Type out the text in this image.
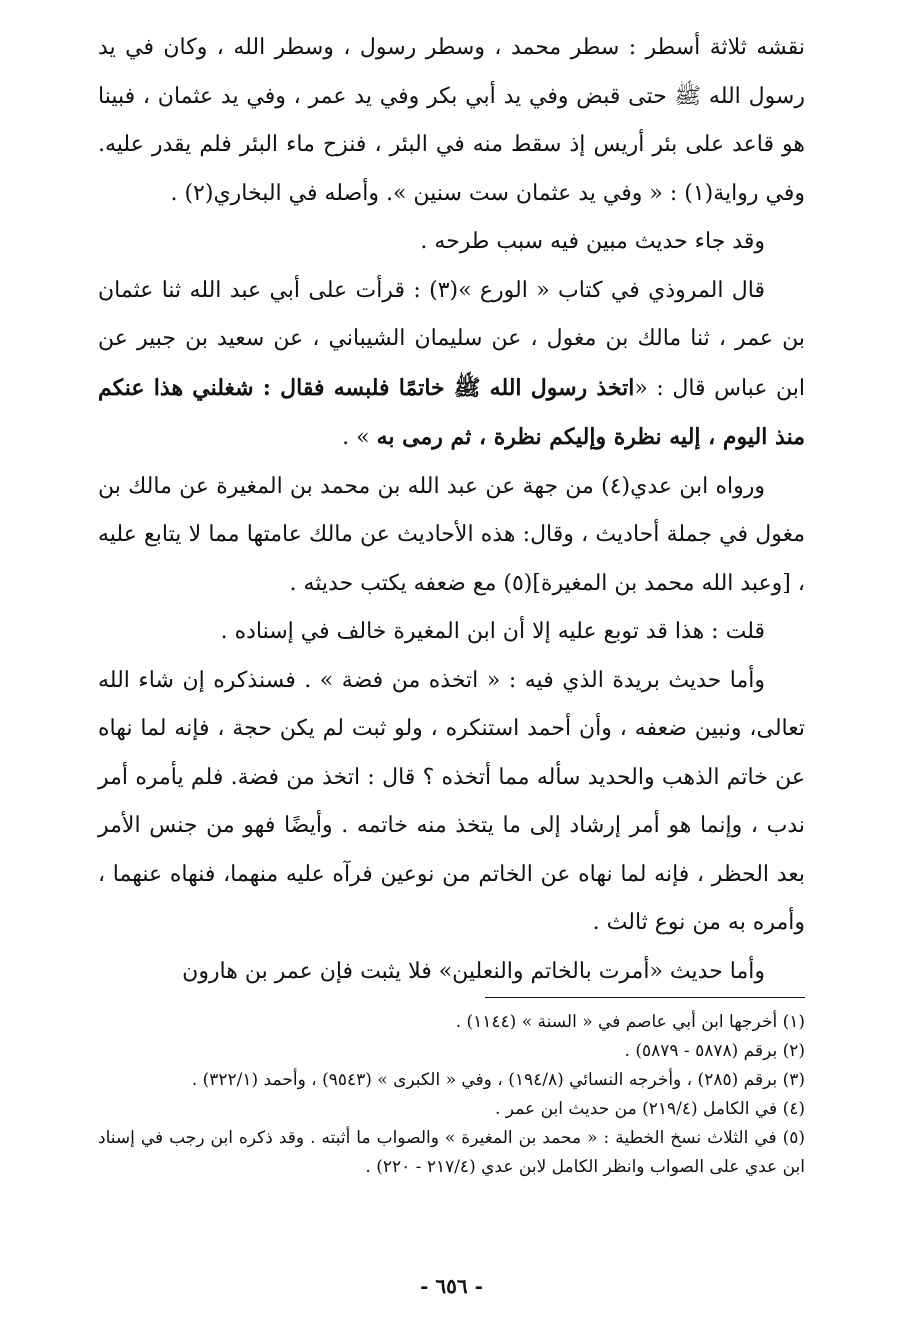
نقشه ثلاثة أسطر : سطر محمد ، وسطر رسول ، وسطر الله ، وكان في يد رسول الله ﷺ حتى قبض وفي يد أبي بكر وفي يد عمر ، وفي يد عثمان ، فبينا هو قاعد على بئر أريس إذ سقط منه في البئر ، فنزح ماء البئر فلم يقدر عليه. وفي رواية(١) : « وفي يد عثمان ست سنين ». وأصله في البخاري(٢) .

وقد جاء حديث مبين فيه سبب طرحه .

قال المروذي في كتاب « الورع »(٣) : قرأت على أبي عبد الله ثنا عثمان بن عمر ، ثنا مالك بن مغول ، عن سليمان الشيباني ، عن سعيد بن جبير عن ابن عباس قال : «اتخذ رسول الله ﷺ خاتمًا فلبسه فقال : شغلني هذا عنكم منذ اليوم ، إليه نظرة وإليكم نظرة ، ثم رمى به » .

ورواه ابن عدي(٤) من جهة عن عبد الله بن محمد بن المغيرة عن مالك بن مغول في جملة أحاديث ، وقال: هذه الأحاديث عن مالك عامتها مما لا يتابع عليه ، [وعبد الله محمد بن المغيرة](٥) مع ضعفه يكتب حديثه .

قلت : هذا قد توبع عليه إلا أن ابن المغيرة خالف في إسناده .

وأما حديث بريدة الذي فيه : « اتخذه من فضة » . فسنذكره إن شاء الله تعالى، ونبين ضعفه ، وأن أحمد استنكره ، ولو ثبت لم يكن حجة ، فإنه لما نهاه عن خاتم الذهب والحديد سأله مما أتخذه ؟ قال : اتخذ من فضة. فلم يأمره أمر ندب ، وإنما هو أمر إرشاد إلى ما يتخذ منه خاتمه . وأيضًا فهو من جنس الأمر بعد الحظر ، فإنه لما نهاه عن الخاتم من نوعين فرآه عليه منهما، فنهاه عنهما ، وأمره به من نوع ثالث .

وأما حديث «أمرت بالخاتم والنعلين» فلا يثبت فإن عمر بن هارون

(١) أخرجها ابن أبي عاصم في « السنة » (١١٤٤) .

(٢) برقم (٥٨٧٨ - ٥٨٧٩) .

(٣) برقم (٢٨٥) ، وأخرجه النسائي (١٩٤/٨) ، وفي « الكبرى » (٩٥٤٣) ، وأحمد (٣٢٢/١) .

(٤) في الكامل (٢١٩/٤) من حديث ابن عمر .

(٥) في الثلاث نسخ الخطية : « محمد بن المغيرة » والصواب ما أثبته . وقد ذكره ابن رجب في إسناد ابن عدي على الصواب وانظر الكامل لابن عدي (٢١٧/٤ - ٢٢٠) .

- ٦٥٦ -
